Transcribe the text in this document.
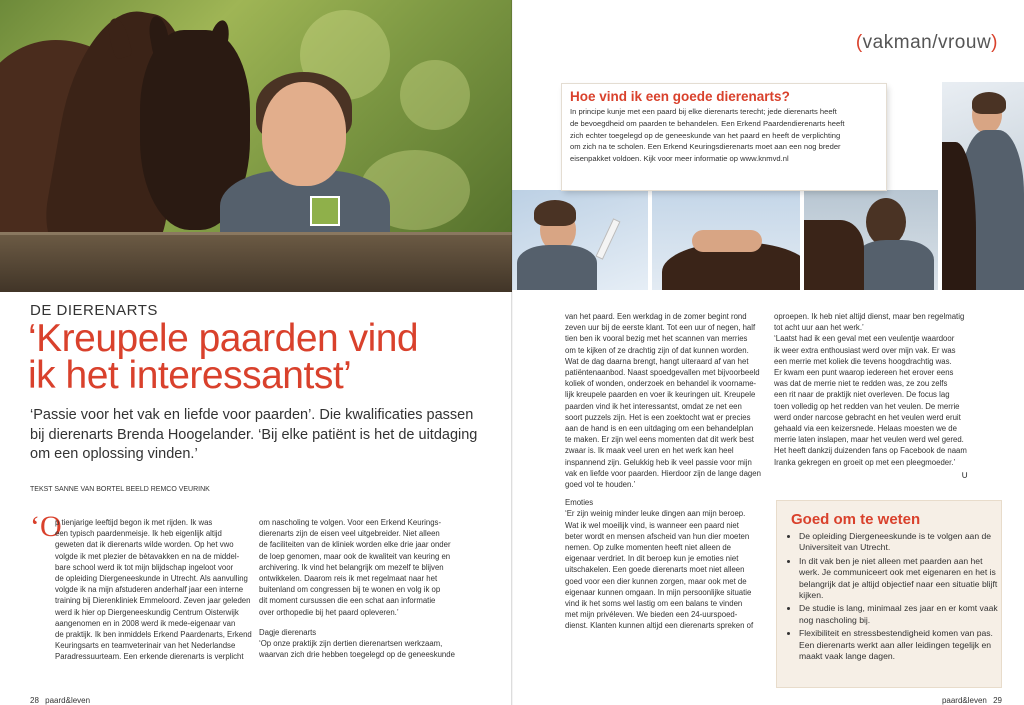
DE DIERENARTS
‘Kreupele paarden vind
ik het interessantst’

‘Passie voor het vak en liefde voor paarden’. Die kwalificaties passen bij dierenarts Brenda Hoogelander. ‘Bij elke patiënt is het de uitdaging om een oplossing vinden.’

TEKST SANNE VAN BORTEL BEELD REMCO VEURINK
‘O
p tienjarige leeftijd begon ik met rijden. Ik was
een typisch paardenmeisje. Ik heb eigenlijk altijd
geweten dat ik dierenarts wilde worden. Op het vwo
volgde ik met plezier de bètavakken en na de middel-
bare school werd ik tot mijn blijdschap ingeloot voor
de opleiding Diergeneeskunde in Utrecht. Als aanvulling
volgde ik na mijn afstuderen anderhalf jaar een interne
training bij Dierenkliniek Emmeloord. Zeven jaar geleden
werd ik hier op Diergeneeskundig Centrum Oisterwijk
aangenomen en in 2008 werd ik mede-eigenaar van
de praktijk. Ik ben inmiddels Erkend Paardenarts, Erkend
Keuringsarts en teamveterinair van het Nederlandse
Paradressuurteam. Een erkende dierenarts is verplicht
om nascholing te volgen. Voor een Erkend Keurings-
dierenarts zijn de eisen veel uitgebreider. Niet alleen
de faciliteiten van de kliniek worden elke drie jaar onder
de loep genomen, maar ook de kwaliteit van keuring en
archivering. Ik vind het belangrijk om mezelf te blijven
ontwikkelen. Daarom reis ik met regelmaat naar het
buitenland om congressen bij te wonen en volg ik op
dit moment cursussen die een schat aan informatie
over orthopedie bij het paard opleveren.’

Dagje dierenarts

‘Op onze praktijk zijn dertien dierenartsen werkzaam,
waarvan zich drie hebben toegelegd op de geneeskunde
28 paard&leven
(vakman/vrouw)
van het paard. Een werkdag in de zomer begint rond
zeven uur bij de eerste klant. Tot een uur of negen, half
tien ben ik vooral bezig met het scannen van merries
om te kijken of ze drachtig zijn of dat kunnen worden.
Wat de dag daarna brengt, hangt uiteraard af van het
patiëntenaanbod. Naast spoedgevallen met bijvoorbeeld
koliek of wonden, onderzoek en behandel ik voorname-
lijk kreupele paarden en voer ik keuringen uit. Kreupele
paarden vind ik het interessantst, omdat ze net een
soort puzzels zijn. Het is een zoektocht wat er precies
aan de hand is en een uitdaging om een behandelplan
te maken. Er zijn wel eens momenten dat dit werk best
zwaar is. Ik maak veel uren en het werk kan heel
inspannend zijn. Gelukkig heb ik veel passie voor mijn
vak en liefde voor paarden. Hierdoor zijn de lange dagen
goed vol te houden.’

Emoties

‘Er zijn weinig minder leuke dingen aan mijn beroep.
Wat ik wel moeilijk vind, is wanneer een paard niet
beter wordt en mensen afscheid van hun dier moeten
nemen. Op zulke momenten heeft niet alleen de
eigenaar verdriet. In dit beroep kun je emoties niet
uitschakelen. Een goede dierenarts moet niet alleen
goed voor een dier kunnen zorgen, maar ook met de
eigenaar kunnen omgaan. In mijn persoonlijke situatie
vind ik het soms wel lastig om een balans te vinden
met mijn privéleven. We bieden een 24-uurspoed-
dienst. Klanten kunnen altijd een dierenarts spreken of
oproepen. Ik heb niet altijd dienst, maar ben regelmatig
tot acht uur aan het werk.’
‘Laatst had ik een geval met een veulentje waardoor
ik weer extra enthousiast werd over mijn vak. Er was
een merrie met koliek die tevens hoogdrachtig was.
Er kwam een punt waarop iedereen het erover eens
was dat de merrie niet te redden was, ze zou zelfs
een rit naar de praktijk niet overleven. De focus lag
toen volledig op het redden van het veulen. De merrie
werd onder narcose gebracht en het veulen werd eruit
gehaald via een keizersnede. Helaas moesten we de
merrie laten inslapen, maar het veulen werd wel gered.
Het heeft dankzij duizenden fans op Facebook de naam
Iranka gekregen en groeit op met een pleegmoeder.’
∪
paard&leven 29
Hoe vind ik een goede dierenarts?
In principe kunje met een paard bij elke dierenarts terecht; jede dierenarts heeft
de bevoegdheid om paarden te behandelen. Een Erkend Paardendierenarts heeft
zich echter toegelegd op de geneeskunde van het paard en heeft de verplichting
om zich na te scholen. Een Erkend Keuringsdierenarts moet aan een nog breder
eisenpakket voldoen. Kijk voor meer informatie op www.knmvd.nl
Goed om te weten
• De opleiding Diergeneeskunde is te volgen aan de Universiteit van Utrecht.
• In dit vak ben je niet alleen met paarden aan het werk. Je communiceert ook met eigenaren en het is belangrijk dat je altijd objectief naar een situatie blijft kijken.
• De studie is lang, minimaal zes jaar en er komt vaak nog nascholing bij.
• Flexibiliteit en stressbestendigheid komen van pas. Een dierenarts werkt aan aller leidingen tegelijk en maakt vaak lange dagen.
